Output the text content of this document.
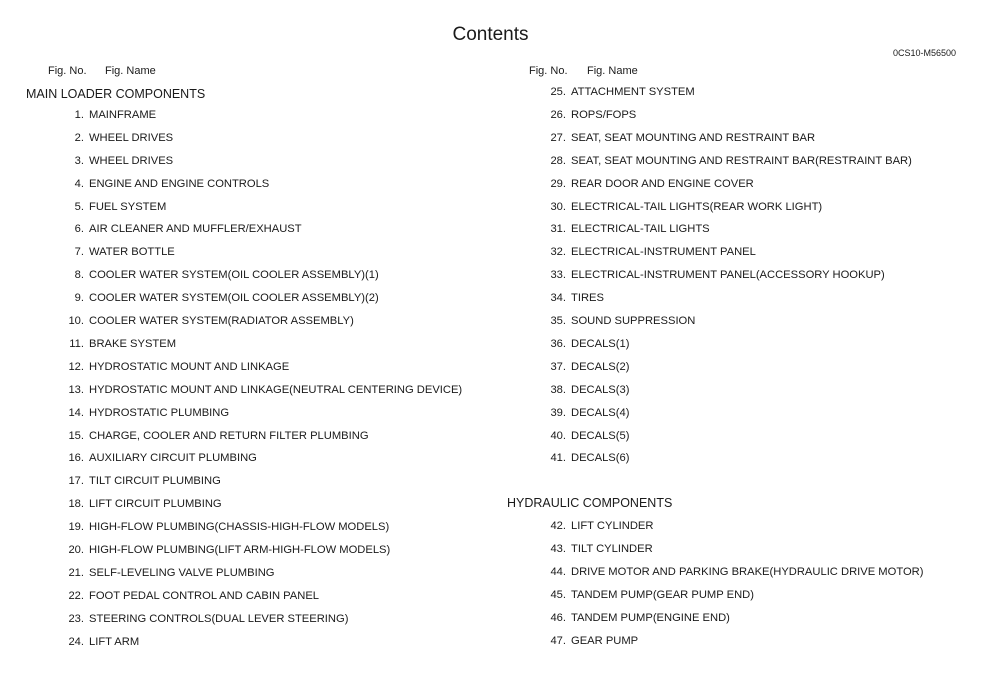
Contents
0CS10-M56500
Fig. No. Fig. Name	Fig. No. Fig. Name
MAIN LOADER COMPONENTS
1. MAINFRAME
2. WHEEL DRIVES
3. WHEEL DRIVES
4. ENGINE AND ENGINE CONTROLS
5. FUEL SYSTEM
6. AIR CLEANER AND MUFFLER/EXHAUST
7. WATER BOTTLE
8. COOLER WATER SYSTEM(OIL COOLER ASSEMBLY)(1)
9. COOLER WATER SYSTEM(OIL COOLER ASSEMBLY)(2)
10. COOLER WATER SYSTEM(RADIATOR ASSEMBLY)
11. BRAKE SYSTEM
12. HYDROSTATIC MOUNT AND LINKAGE
13. HYDROSTATIC MOUNT AND LINKAGE(NEUTRAL CENTERING DEVICE)
14. HYDROSTATIC PLUMBING
15. CHARGE, COOLER AND RETURN FILTER PLUMBING
16. AUXILIARY CIRCUIT PLUMBING
17. TILT CIRCUIT PLUMBING
18. LIFT CIRCUIT PLUMBING
19. HIGH-FLOW PLUMBING(CHASSIS-HIGH-FLOW MODELS)
20. HIGH-FLOW PLUMBING(LIFT ARM-HIGH-FLOW MODELS)
21. SELF-LEVELING VALVE PLUMBING
22. FOOT PEDAL CONTROL AND CABIN PANEL
23. STEERING CONTROLS(DUAL LEVER STEERING)
24. LIFT ARM
25. ATTACHMENT SYSTEM
26. ROPS/FOPS
27. SEAT, SEAT MOUNTING AND RESTRAINT BAR
28. SEAT, SEAT MOUNTING AND RESTRAINT BAR(RESTRAINT BAR)
29. REAR DOOR AND ENGINE COVER
30. ELECTRICAL-TAIL LIGHTS(REAR WORK LIGHT)
31. ELECTRICAL-TAIL LIGHTS
32. ELECTRICAL-INSTRUMENT PANEL
33. ELECTRICAL-INSTRUMENT PANEL(ACCESSORY HOOKUP)
34. TIRES
35. SOUND SUPPRESSION
36. DECALS(1)
37. DECALS(2)
38. DECALS(3)
39. DECALS(4)
40. DECALS(5)
41. DECALS(6)
HYDRAULIC COMPONENTS
42. LIFT CYLINDER
43. TILT CYLINDER
44. DRIVE MOTOR AND PARKING BRAKE(HYDRAULIC DRIVE MOTOR)
45. TANDEM PUMP(GEAR PUMP END)
46. TANDEM PUMP(ENGINE END)
47. GEAR PUMP
